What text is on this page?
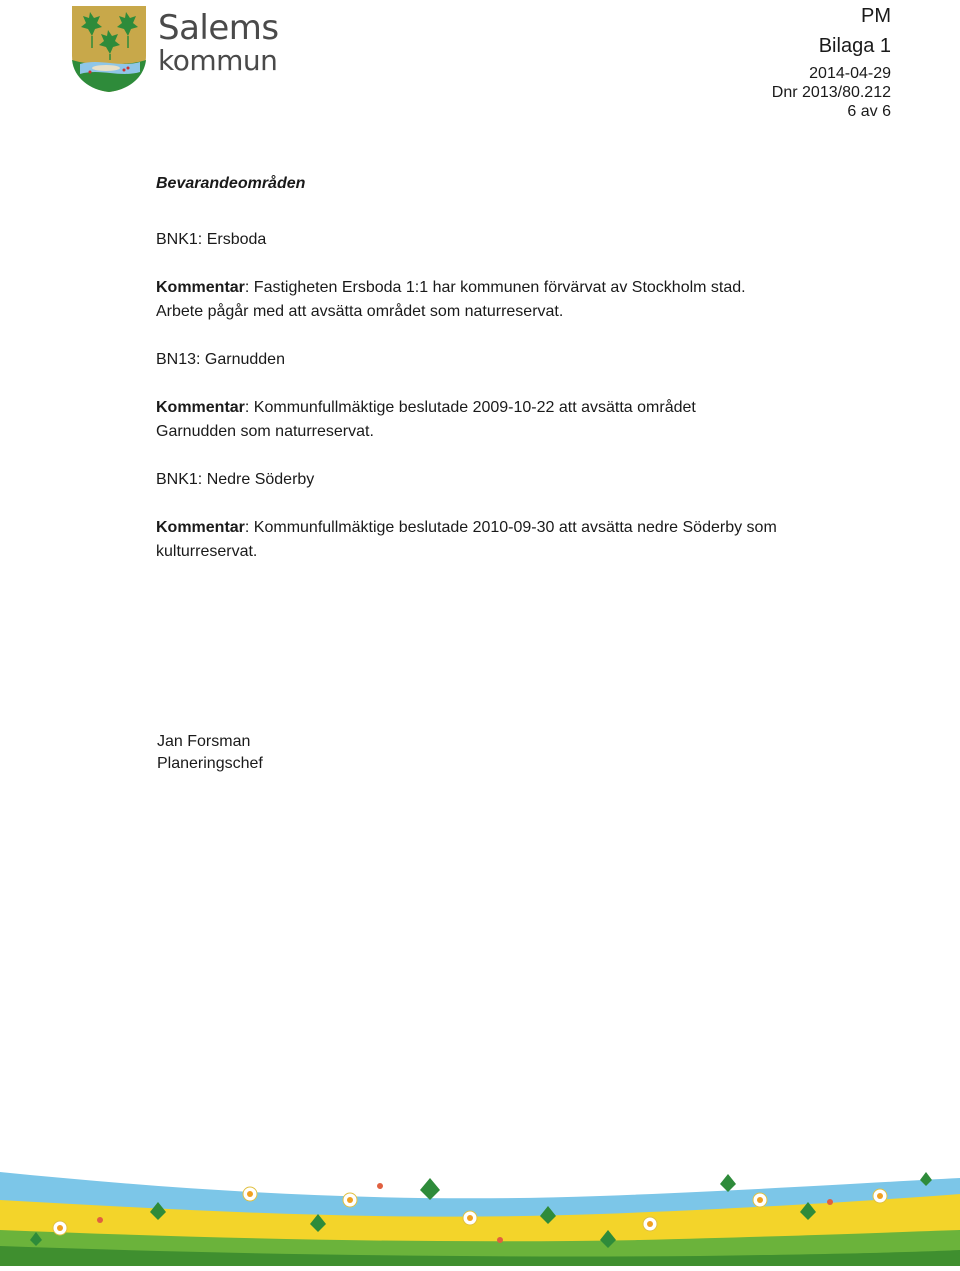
Salems
kommun
PM
Bilaga 1
2014-04-29
Dnr 2013/80.212
6 av 6

Bevarandeområden

BNK1: Ersboda

Kommentar: Fastigheten Ersboda 1:1 har kommunen förvärvat av Stockholm stad.

Arbete pågår med att avsätta området som naturreservat.

BN13: Garnudden

Kommentar: Kommunfullmäktige beslutade 2009-10-22 att avsätta området

Garnudden som naturreservat.

BNK1: Nedre Söderby

Kommentar: Kommunfullmäktige beslutade 2010-09-30 att avsätta nedre Söderby som

kulturreservat.

Jan Forsman
Planeringschef
